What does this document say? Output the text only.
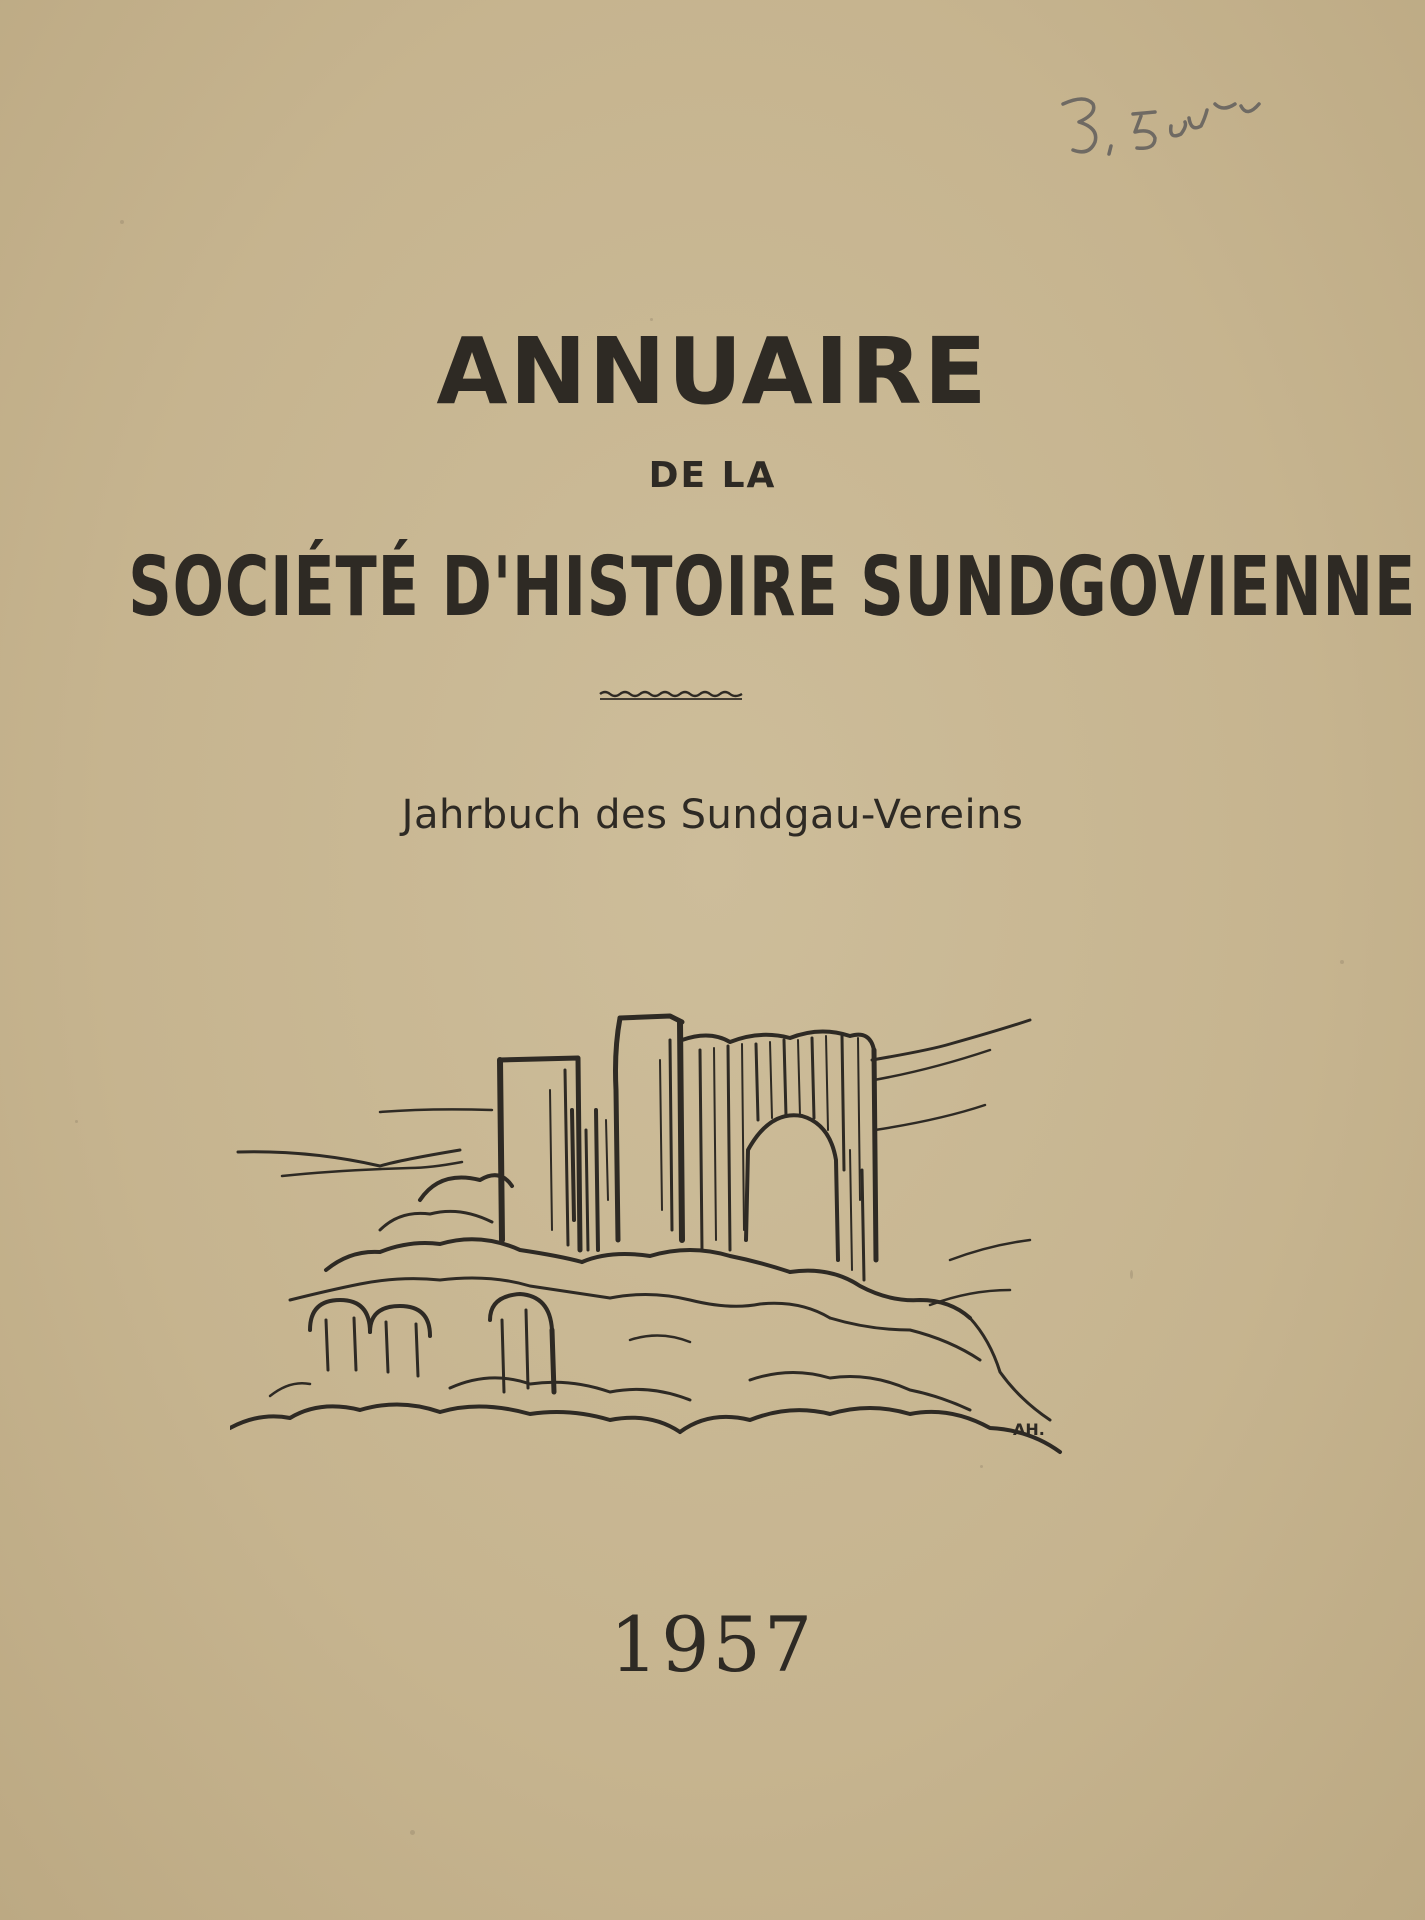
ANNUAIRE
DE LA
SOCIÉTÉ D'HISTOIRE SUNDGOVIENNE
Jahrbuch des Sundgau-Vereins
AH.
1957
